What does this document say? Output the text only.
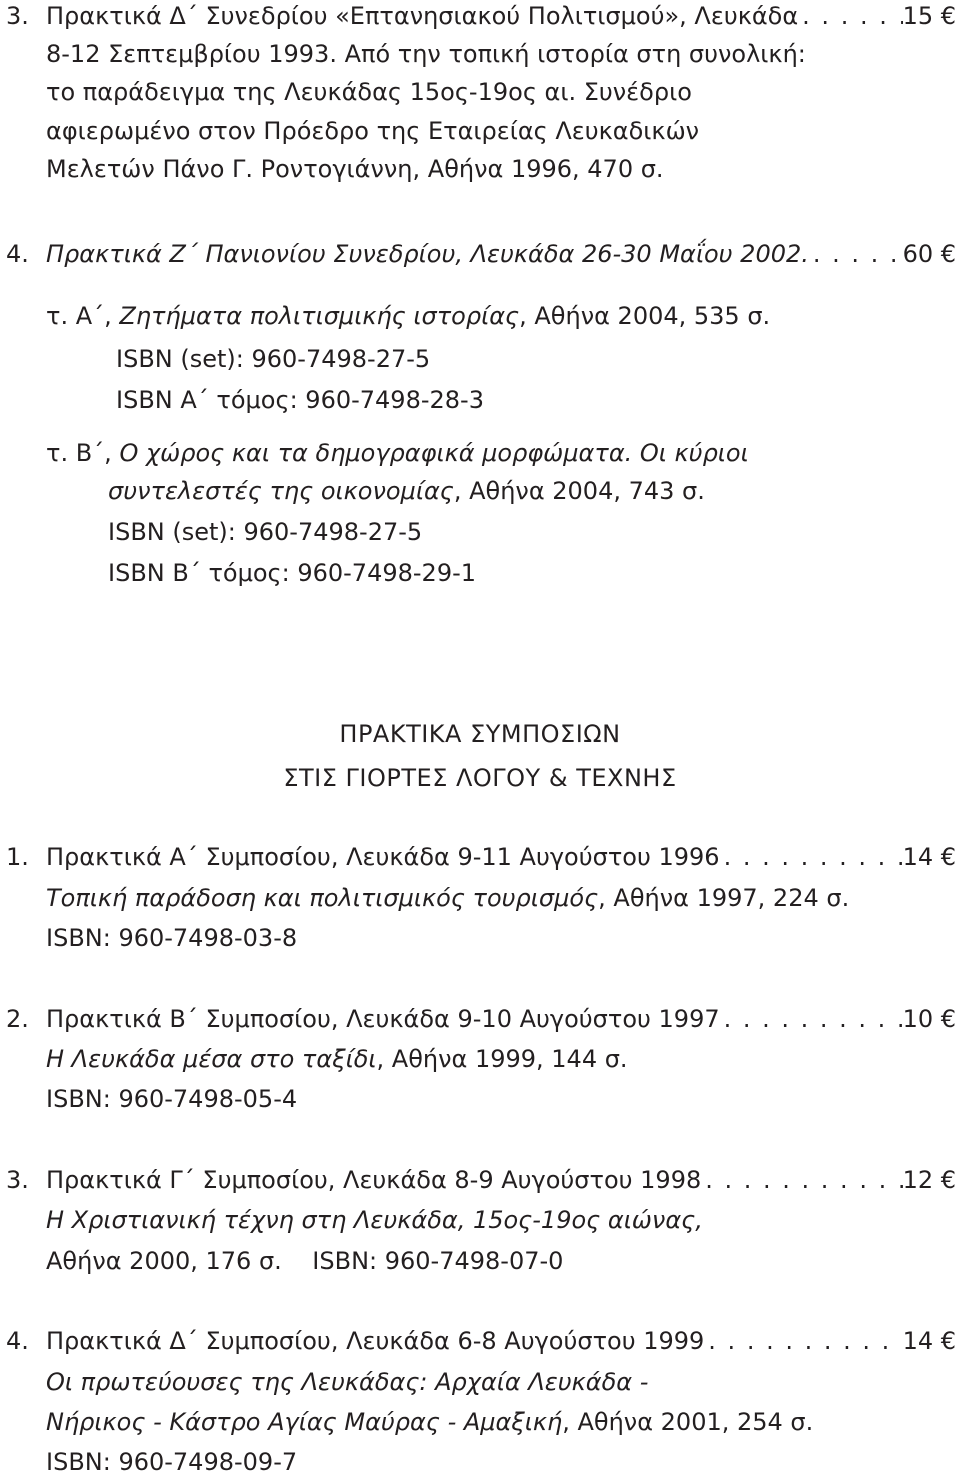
3. Πρακτικά Δ΄ Συνεδρίου «Επτανησιακού Πολιτισμού», Λευκάδα . . .	15 €
8-12 Σεπτεμβρίου 1993. Από την τοπική ιστορία στη συνολική:
το παράδειγμα της Λευκάδας 15ος-19ος αι. Συνέδριο
αφιερωμένο στον Πρόεδρο της Εταιρείας Λευκαδικών
Μελετών Πάνο Γ. Ροντογιάννη, Αθήνα 1996, 470 σ.
4. Πρακτικά Ζ΄ Πανιονίου Συνεδρίου, Λευκάδα 26-30 Μαΐου 2002. . . .	60 €
τ. Α΄, Ζητήματα πολιτισμικής ιστορίας, Αθήνα 2004, 535 σ.
ISBN (set): 960-7498-27-5
ISBN Α΄ τόμος: 960-7498-28-3
τ. Β΄, Ο χώρος και τα δημογραφικά μορφώματα. Οι κύριοι
συντελεστές της οικονομίας, Αθήνα 2004, 743 σ.
ISBN (set): 960-7498-27-5
ISBN Β΄ τόμος: 960-7498-29-1
ΠΡΑΚΤΙΚΑ ΣΥΜΠΟΣΙΩΝ
ΣΤΙΣ ΓΙΟΡΤΕΣ ΛΟΓΟΥ & ΤΕΧΝΗΣ
1. Πρακτικά Α΄ Συμποσίου, Λευκάδα 9-11 Αυγούστου 1996 . . .	14 €
Τοπική παράδοση και πολιτισμικός τουρισμός, Αθήνα 1997, 224 σ.
ISBN: 960-7498-03-8
2. Πρακτικά Β΄ Συμποσίου, Λευκάδα 9-10 Αυγούστου 1997 . . .	10 €
Η Λευκάδα μέσα στο ταξίδι, Αθήνα 1999, 144 σ.
ISBN: 960-7498-05-4
3. Πρακτικά Γ΄ Συμποσίου, Λευκάδα 8-9 Αυγούστου 1998 . . .	12 €
Η Χριστιανική τέχνη στη Λευκάδα, 15ος-19ος αιώνας,
Αθήνα 2000, 176 σ.    ISBN: 960-7498-07-0
4. Πρακτικά Δ΄ Συμποσίου, Λευκάδα 6-8 Αυγούστου 1999 . . .	14 €
Οι πρωτεύουσες της Λευκάδας: Αρχαία Λευκάδα -
Νήρικος - Κάστρο Αγίας Μαύρας - Αμαξική, Αθήνα 2001, 254 σ.
ISBN: 960-7498-09-7
